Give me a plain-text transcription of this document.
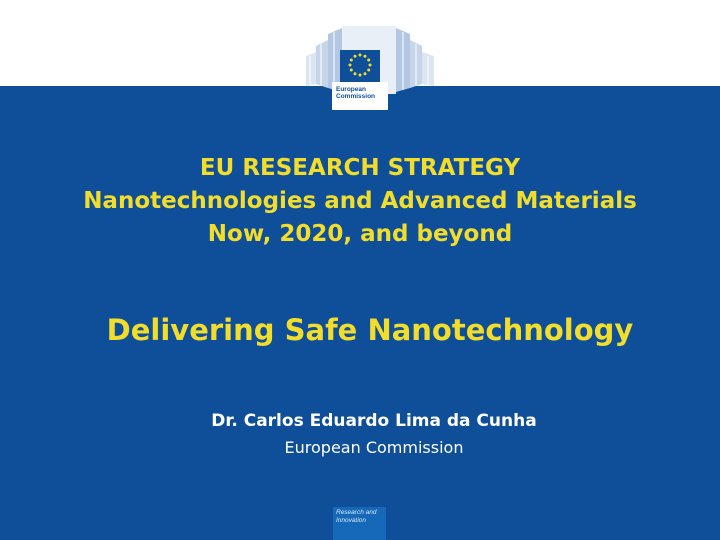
European Commission
EU RESEARCH STRATEGY
Nanotechnologies and Advanced Materials
Now, 2020, and beyond
Delivering Safe Nanotechnology
Dr. Carlos Eduardo Lima da Cunha
European Commission
Research and Innovation
